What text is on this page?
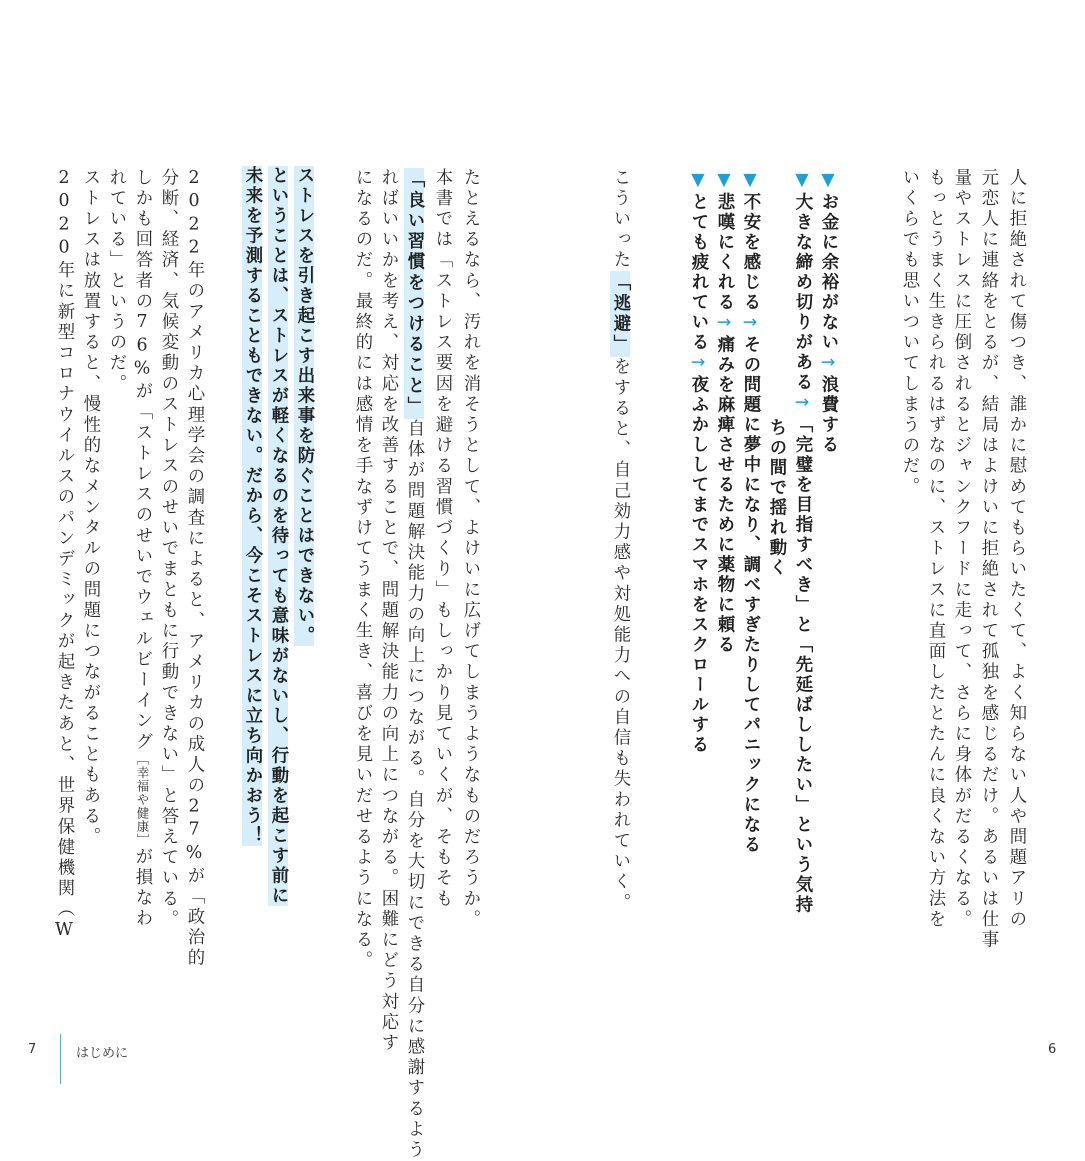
人に拒絶されて傷つき、誰かに慰めてもらいたくて、よく知らない人や問題アリの
元恋人に連絡をとるが、結局はよけいに拒絶されて孤独を感じるだけ。あるいは仕事
量やストレスに圧倒されるとジャンクフードに走って、さらに身体がだるくなる。
もっとうまく生きられるはずなのに、ストレスに直面したとたんに良くない方法を
いくらでも思いついてしまうのだ。
▼お金に余裕がない→浪費する
▼大きな締め切りがある→「完璧を目指すべき」と「先延ばししたい」という気持
ちの間で揺れ動く
▼不安を感じる→その問題に夢中になり、調べすぎたりしてパニックになる
▼悲嘆にくれる→痛みを麻痺させるために薬物に頼る
▼とても疲れている→夜ふかししてまでスマホをスクロールする
こういった「逃避」をすると、自己効力感や対処能力への自信も失われていく。
たとえるなら、汚れを消そうとして、よけいに広げてしまうようなものだろうか。
本書では「ストレス要因を避ける習慣づくり」もしっかり見ていくが、そもそも
「良い習慣をつけること」自体が問題解決能力の向上につながる。自分を大切にできる自分に感謝するよう
ればいいかを考え、対応を改善することで、問題解決能力の向上につながる。困難にどう対応す
になるのだ。最終的には感情を手なずけてうまく生き、喜びを見いだせるようになる。
ストレスを引き起こす出来事を防ぐことはできない。
ということは、ストレスが軽くなるのを待っても意味がないし、行動を起こす前に
未来を予測することもできない。だから、今こそストレスに立ち向かおう！
2022年のアメリカ心理学会の調査によると、アメリカの成人の27%が「政治的
分断、経済、気候変動のストレスのせいでまともに行動できない」と答えている。
しかも回答者の76%が「ストレスのせいでウェルビーイング［幸福や健康］が損なわ
れている」というのだ。
ストレスは放置すると、慢性的なメンタルの問題につながることもある。
2020年に新型コロナウイルスのパンデミックが起きたあと、世界保健機関（W
7	はじめに	6
